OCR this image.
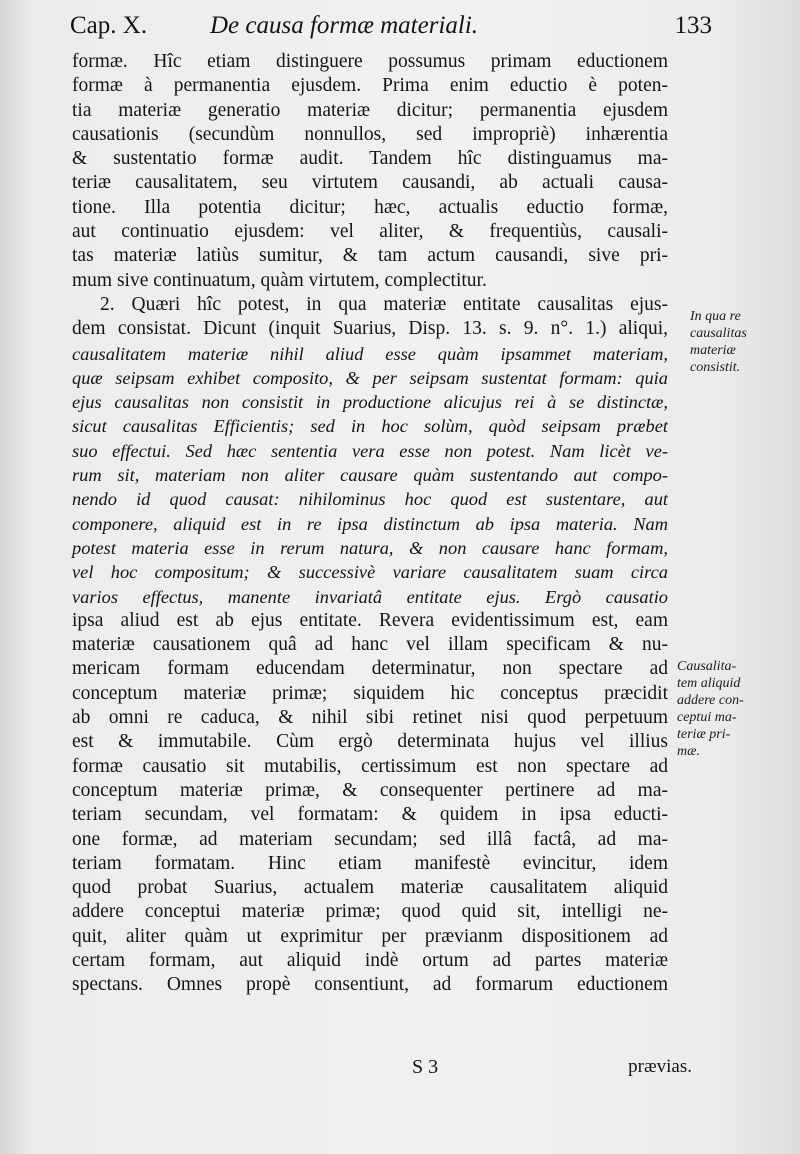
Cap. X.	De causa formæ materiali.	133
formæ. Hîc etiam distinguere possumus primam eductionem
formæ à permanentia ejusdem. Prima enim eductio è poten-
tia materiæ generatio materiæ dicitur; permanentia ejusdem
causationis (secundùm nonnullos, sed impropriè) inhærentia
& sustentatio formæ audit. Tandem hîc distinguamus ma-
teriæ causalitatem, seu virtutem causandi, ab actuali causa-
tione. Illa potentia dicitur; hæc, actualis eductio formæ,
aut continuatio ejusdem: vel aliter, & frequentiùs, causali-
tas materiæ latiùs sumitur, & tam actum causandi, sive pri-
mum sive continuatum, quàm virtutem, complectitur.
2. Quæri hîc potest, in qua materiæ entitate causalitas ejus-
dem consistat. Dicunt (inquit Suarius, Disp. 13. s. 9. n°. 1.) aliqui,
causalitatem materiæ nihil aliud esse quàm ipsammet materiam,
quæ seipsam exhibet composito, & per seipsam sustentat formam: quia
ejus causalitas non consistit in productione alicujus rei à se distinctæ,
sicut causalitas Efficientis; sed in hoc solùm, quòd seipsam præbet
suo effectui. Sed hæc sententia vera esse non potest. Nam licèt ve-
rum sit, materiam non aliter causare quàm sustentando aut compo-
nendo id quod causat: nihilominus hoc quod est sustentare, aut
componere, aliquid est in re ipsa distinctum ab ipsa materia. Nam
potest materia esse in rerum natura, & non causare hanc formam,
vel hoc compositum; & successivè variare causalitatem suam circa
varios effectus, manente invariatâ entitate ejus. Ergò causatio
ipsa aliud est ab ejus entitate. Revera evidentissimum est, eam
materiæ causationem quâ ad hanc vel illam specificam & nu-
mericam formam educendam determinatur, non spectare ad
conceptum materiæ primæ; siquidem hic conceptus præcidit
ab omni re caduca, & nihil sibi retinet nisi quod perpetuum
est & immutabile. Cùm ergò determinata hujus vel illius
formæ causatio sit mutabilis, certissimum est non spectare ad
conceptum materiæ primæ, & consequenter pertinere ad ma-
teriam secundam, vel formatam: & quidem in ipsa educti-
one formæ, ad materiam secundam; sed illâ factâ, ad ma-
teriam formatam. Hinc etiam manifestè evincitur, idem
quod probat Suarius, actualem materiæ causalitatem aliquid
addere conceptui materiæ primæ; quod quid sit, intelligi ne-
quit, aliter quàm ut exprimitur per prævianm dispositionem ad
certam formam, aut aliquid indè ortum ad partes materiæ
spectans. Omnes propè consentiunt, ad formarum eductionem
In qua re
causalitas
materiæ
consistit.
Causalita-
tem aliquid
addere con-
ceptui ma-
teriæ pri-
mæ.
S 3	prævias.
